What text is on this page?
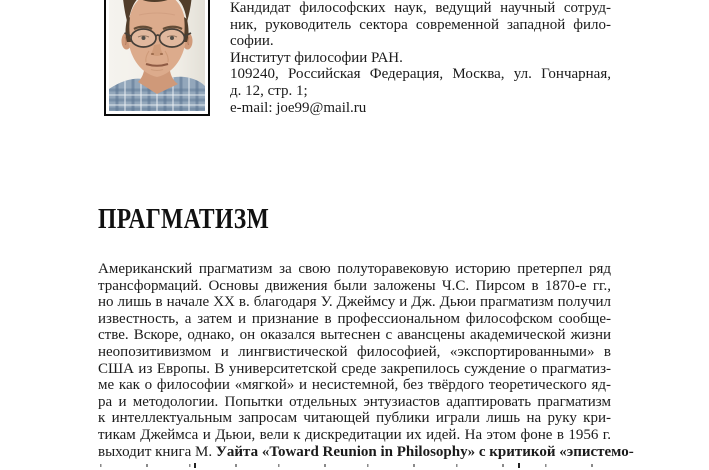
Кандидат философских наук, ведущий научный сотруд-
ник, руководитель сектора современной западной фило-
софии.
Институт философии РАН.
109240, Российская Федерация, Москва, ул. Гончарная,
д. 12, стр. 1;
e-mail: joe99@mail.ru
ПРАГМАТИЗМ
Американский прагматизм за свою полуторавековую историю претерпел ряд
трансформаций. Основы движения были заложены Ч.С. Пирсом в 1870-е гг.,
но лишь в начале XX в. благодаря У. Джеймсу и Дж. Дьюи прагматизм получил
известность, а затем и признание в профессиональном философском сообще-
стве. Вскоре, однако, он оказался вытеснен с авансцены академической жизни
неопозитивизмом и лингвистической философией, «экспортированными» в
США из Европы. В университетской среде закрепилось суждение о прагматиз-
ме как о философии «мягкой» и несистемной, без твёрдого теоретического яд-
ра и методологии. Попытки отдельных энтузиастов адаптировать прагматизм
к интеллектуальным запросам читающей публики играли лишь на руку кри-
тикам Джеймса и Дьюи, вели к дискредитации их идей. На этом фоне в 1956 г.
выходит книга М. Уайта «Toward Reunion in Philosophy» с критикой «эпистемо-
